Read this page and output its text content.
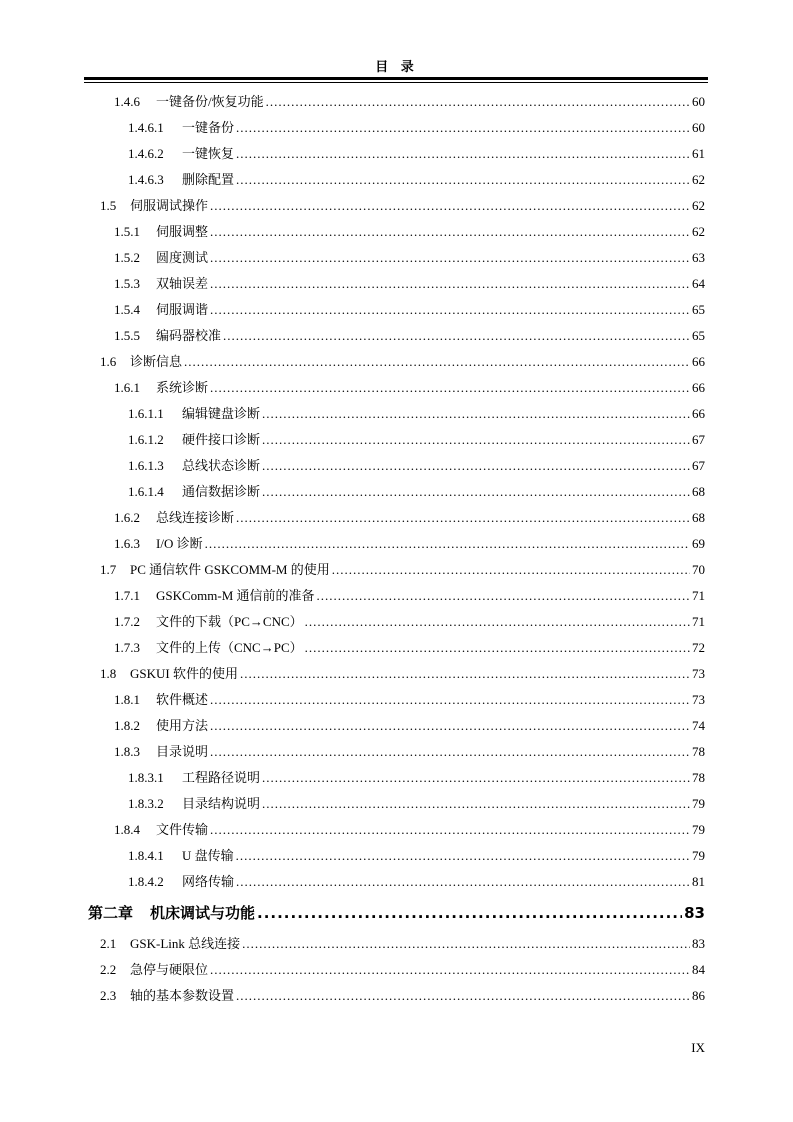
目 录
1.4.6	一键备份/恢复功能 .....	60
1.4.6.1	一键备份 .....	60
1.4.6.2	一键恢复 .....	61
1.4.6.3	删除配置 .....	62
1.5 伺服调试操作 .....	62
1.5.1	伺服调整 .....	62
1.5.2	圆度测试 .....	63
1.5.3	双轴误差 .....	64
1.5.4	伺服调谐 .....	65
1.5.5	编码器校准 .....	65
1.6 诊断信息 .....	66
1.6.1	系统诊断 .....	66
1.6.1.1	编辑键盘诊断 .....	66
1.6.1.2	硬件接口诊断 .....	67
1.6.1.3	总线状态诊断 .....	67
1.6.1.4	通信数据诊断 .....	68
1.6.2	总线连接诊断 .....	68
1.6.3	I/O 诊断 .....	69
1.7 PC 通信软件 GSKCOMM-M 的使用 .....	70
1.7.1	GSKComm-M 通信前的准备 .....	71
1.7.2	文件的下载（PC→CNC） .....	71
1.7.3	文件的上传（CNC→PC） .....	72
1.8 GSKUI 软件的使用 .....	73
1.8.1	软件概述 .....	73
1.8.2	使用方法 .....	74
1.8.3	目录说明 .....	78
1.8.3.1	工程路径说明 .....	78
1.8.3.2	目录结构说明 .....	79
1.8.4	文件传输 .....	79
1.8.4.1	U 盘传输 .....	79
1.8.4.2	网络传输 .....	81
第二章 机床调试与功能 .....	83
2.1 GSK-Link 总线连接 .....	83
2.2 急停与硬限位 .....	84
2.3 轴的基本参数设置 .....	86
IX
